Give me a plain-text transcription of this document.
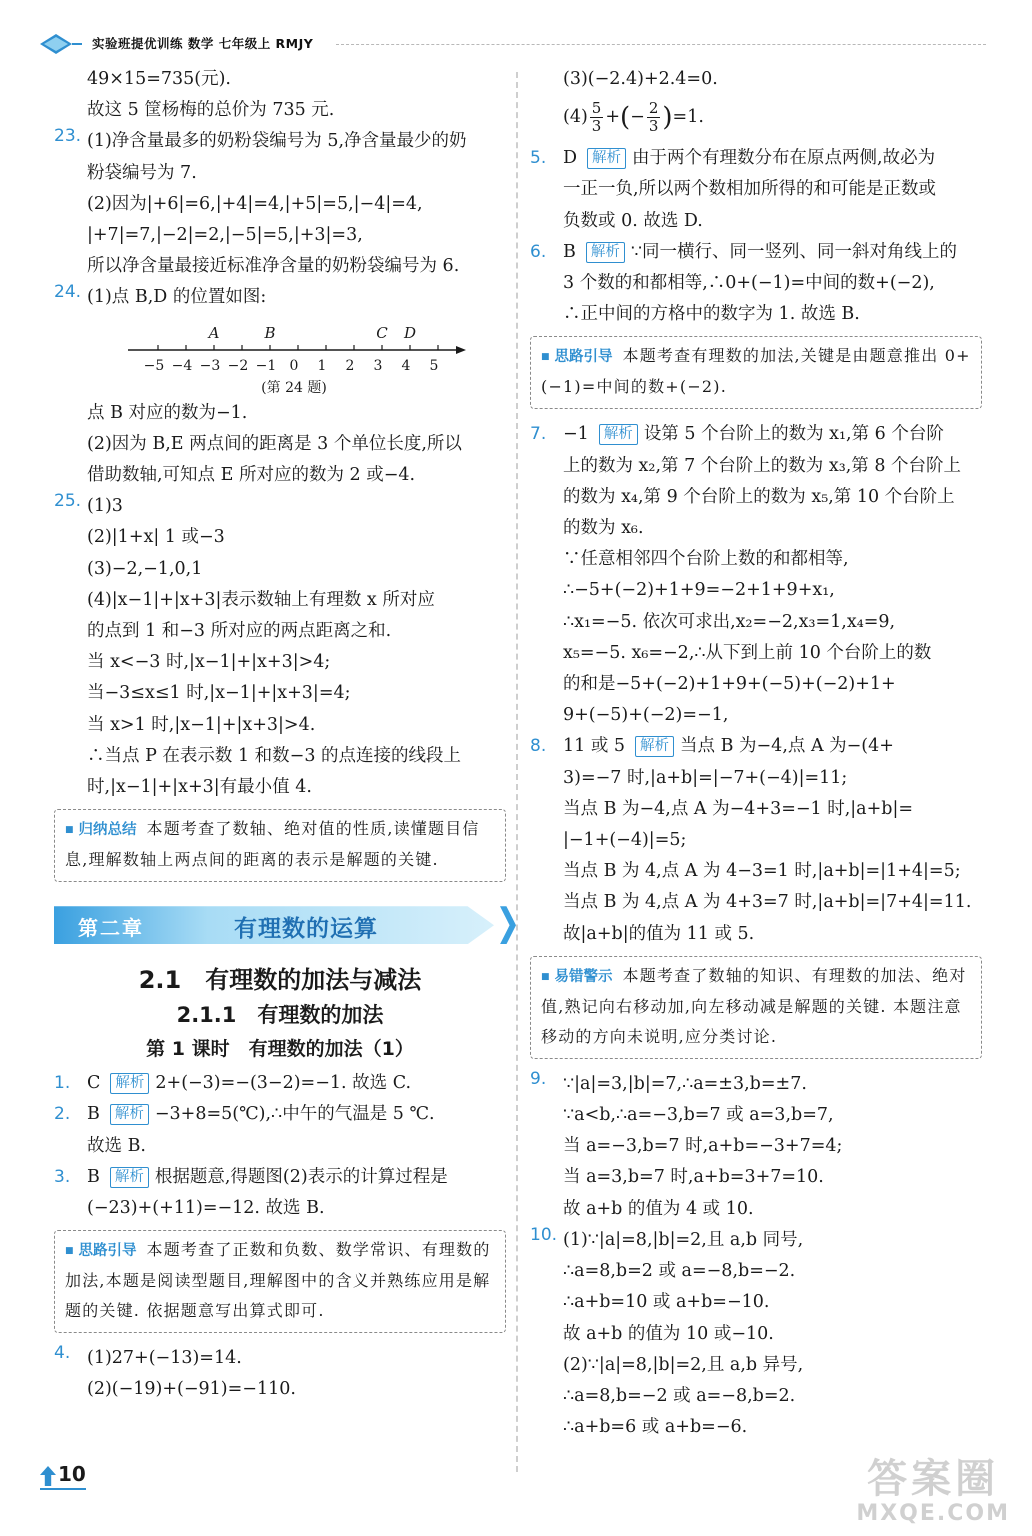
实验班提优训练 数学 七年级上 RMJY
49×15=735(元).
故这 5 筐杨梅的总价为 735 元.
23. (1)净含量最多的奶粉袋编号为 5,净含量最少的奶
粉袋编号为 7.
(2)因为|+6|=6,|+4|=4,|+5|=5,|−4|=4,
|+7|=7,|−2|=2,|−5|=5,|+3|=3,
所以净含量最接近标准净含量的奶粉袋编号为 6.
24. (1)点 B,D 的位置如图:
−5 −4 −3 −2 −1 0 1 2 3 4 5
A	B	C D
(第 24 题)
点 B 对应的数为−1.
(2)因为 B,E 两点间的距离是 3 个单位长度,所以
借助数轴,可知点 E 所对应的数为 2 或−4.
25. (1)3
(2)|1+x| 1 或−3
(3)−2,−1,0,1
(4)|x−1|+|x+3|表示数轴上有理数 x 所对应
的点到 1 和−3 所对应的两点距离之和.
当 x<−3 时,|x−1|+|x+3|>4;
当−3≤x≤1 时,|x−1|+|x+3|=4;
当 x>1 时,|x−1|+|x+3|>4.
∴当点 P 在表示数 1 和数−3 的点连接的线段上
时,|x−1|+|x+3|有最小值 4.
■ 归纳总结 本题考查了数轴、绝对值的性质,读懂题目信息,理解数轴上两点间的距离的表示是解题的关键.
第二章	有理数的运算
2.1　有理数的加法与减法
2.1.1　有理数的加法
第 1 课时　有理数的加法（1）
1. C 解析 2+(−3)=−(3−2)=−1. 故选 C.
2. B 解析 −3+8=5(℃),∴中午的气温是 5 ℃.
故选 B.
3. B 解析 根据题意,得题图(2)表示的计算过程是
(−23)+(+11)=−12. 故选 B.
■ 思路引导 本题考查了正数和负数、数学常识、有理数的加法,本题是阅读型题目,理解图中的含义并熟练应用是解题的关键. 依据题意写出算式即可.
4. (1)27+(−13)=14.
(2)(−19)+(−91)=−110.
(3)(−2.4)+2.4=0.
$(4) \frac{5}{3}$ +(− $\frac{2}{3} )=1$.
5. D 解析 由于两个有理数分布在原点两侧,故必为
一正一负,所以两个数相加所得的和可能是正数或
负数或 0. 故选 D.
6. B 解析 ∵同一横行、同一竖列、同一斜对角线上的
3 个数的和都相等,∴0+(−1)=中间的数+(−2),
∴正中间的方格中的数字为 1. 故选 B.
■ 思路引导 本题考查有理数的加法,关键是由题意推出 0+(−1)=中间的数+(−2).
7. −1 解析 设第 5 个台阶上的数为 x₁,第 6 个台阶
上的数为 x₂,第 7 个台阶上的数为 x₃,第 8 个台阶上
的数为 x₄,第 9 个台阶上的数为 x₅,第 10 个台阶上
的数为 x₆.
∵任意相邻四个台阶上数的和都相等,
∴−5+(−2)+1+9=−2+1+9+x₁,
∴x₁=−5. 依次可求出,x₂=−2,x₃=1,x₄=9,
x₅=−5. x₆=−2,∴从下到上前 10 个台阶上的数
的和是−5+(−2)+1+9+(−5)+(−2)+1+
9+(−5)+(−2)=−1,
8. 11 或 5 解析 当点 B 为−4,点 A 为−(4+
3)=−7 时,|a+b|=|−7+(−4)|=11;
当点 B 为−4,点 A 为−4+3=−1 时,|a+b|=
|−1+(−4)|=5;
当点 B 为 4,点 A 为 4−3=1 时,|a+b|=|1+4|=5;
当点 B 为 4,点 A 为 4+3=7 时,|a+b|=|7+4|=11.
故|a+b|的值为 11 或 5.
■ 易错警示 本题考查了数轴的知识、有理数的加法、绝对值,熟记向右移动加,向左移动减是解题的关键. 本题注意移动的方向未说明,应分类讨论.
9. ∵|a|=3,|b|=7,∴a=±3,b=±7.
∵a<b,∴a=−3,b=7 或 a=3,b=7,
当 a=−3,b=7 时,a+b=−3+7=4;
当 a=3,b=7 时,a+b=3+7=10.
故 a+b 的值为 4 或 10.
10. (1)∵|a|=8,|b|=2,且 a,b 同号,
∴a=8,b=2 或 a=−8,b=−2.
∴a+b=10 或 a+b=−10.
故 a+b 的值为 10 或−10.
(2)∵|a|=8,|b|=2,且 a,b 异号,
∴a=8,b=−2 或 a=−8,b=2.
∴a+b=6 或 a+b=−6.
10	答案圈
MXQE.COM
